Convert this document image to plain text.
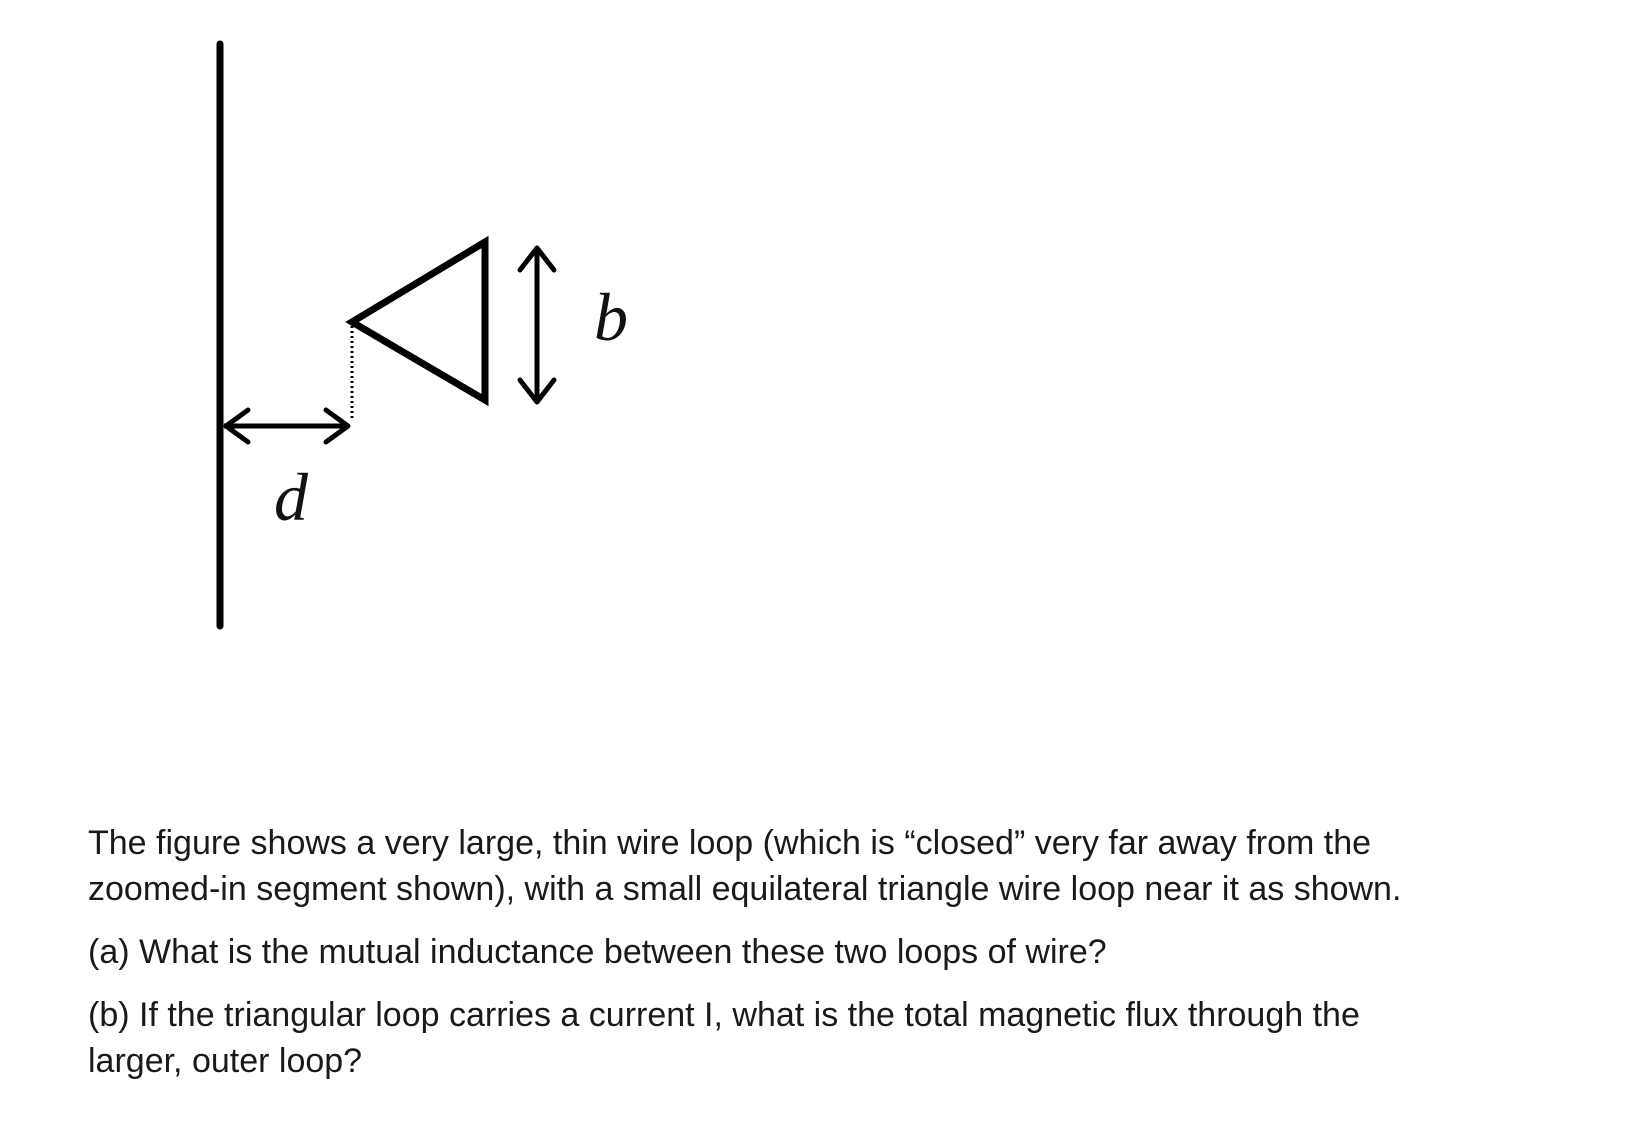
b
d

The figure shows a very large, thin wire loop (which is “closed” very far away from the zoomed-in segment shown), with a small equilateral triangle wire loop near it as shown.

(a) What is the mutual inductance between these two loops of wire?

(b) If the triangular loop carries a current I, what is the total magnetic flux through the larger, outer loop?
